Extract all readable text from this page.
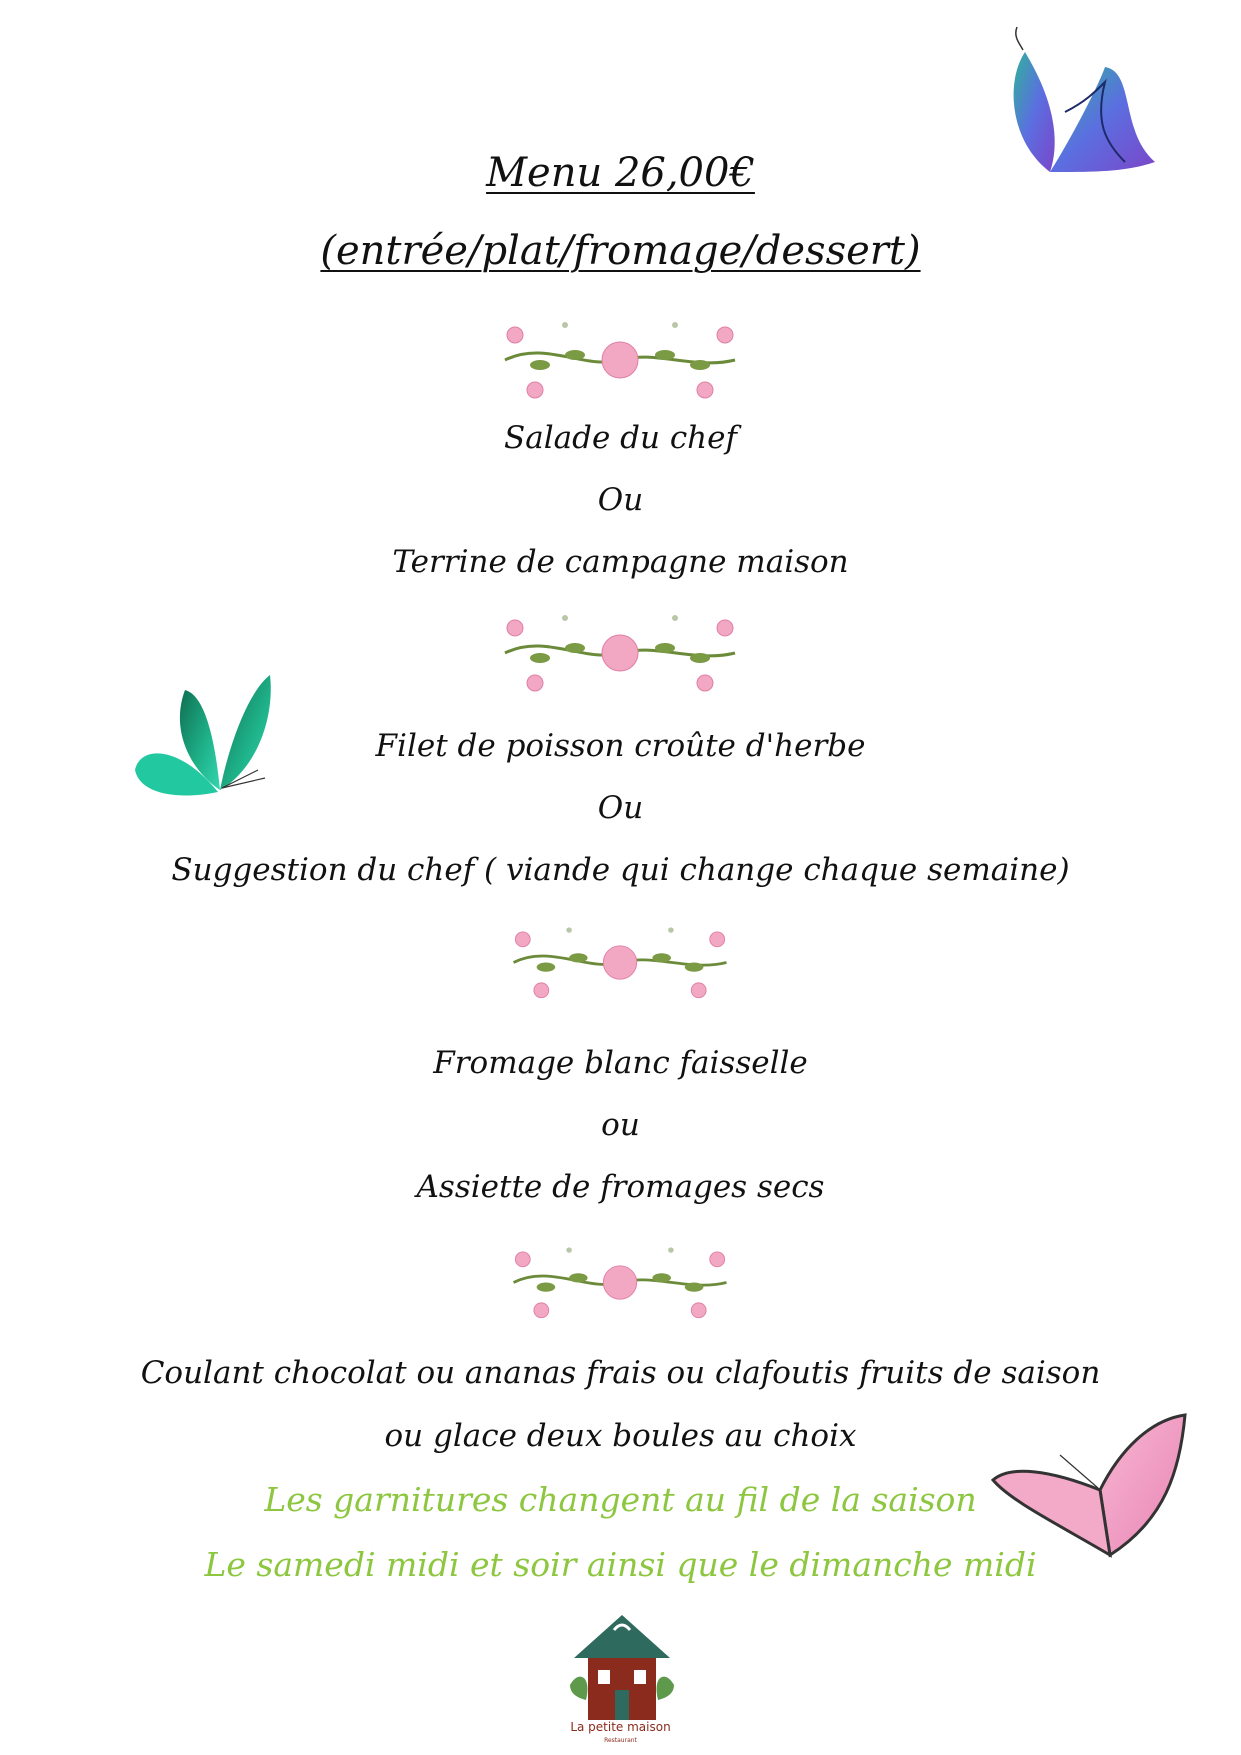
Menu 26,00€
(entrée/plat/fromage/dessert)
Salade du chef
Ou
Terrine de campagne maison
Filet de poisson croûte d'herbe
Ou
Suggestion du chef ( viande qui change chaque semaine)
Fromage blanc faisselle
ou
Assiette de fromages secs
Coulant chocolat ou ananas frais ou clafoutis fruits de saison
ou glace deux boules au choix
Les garnitures changent au fil de la saison
Le samedi midi et soir ainsi que le dimanche midi
La petite maison
Restaurant
